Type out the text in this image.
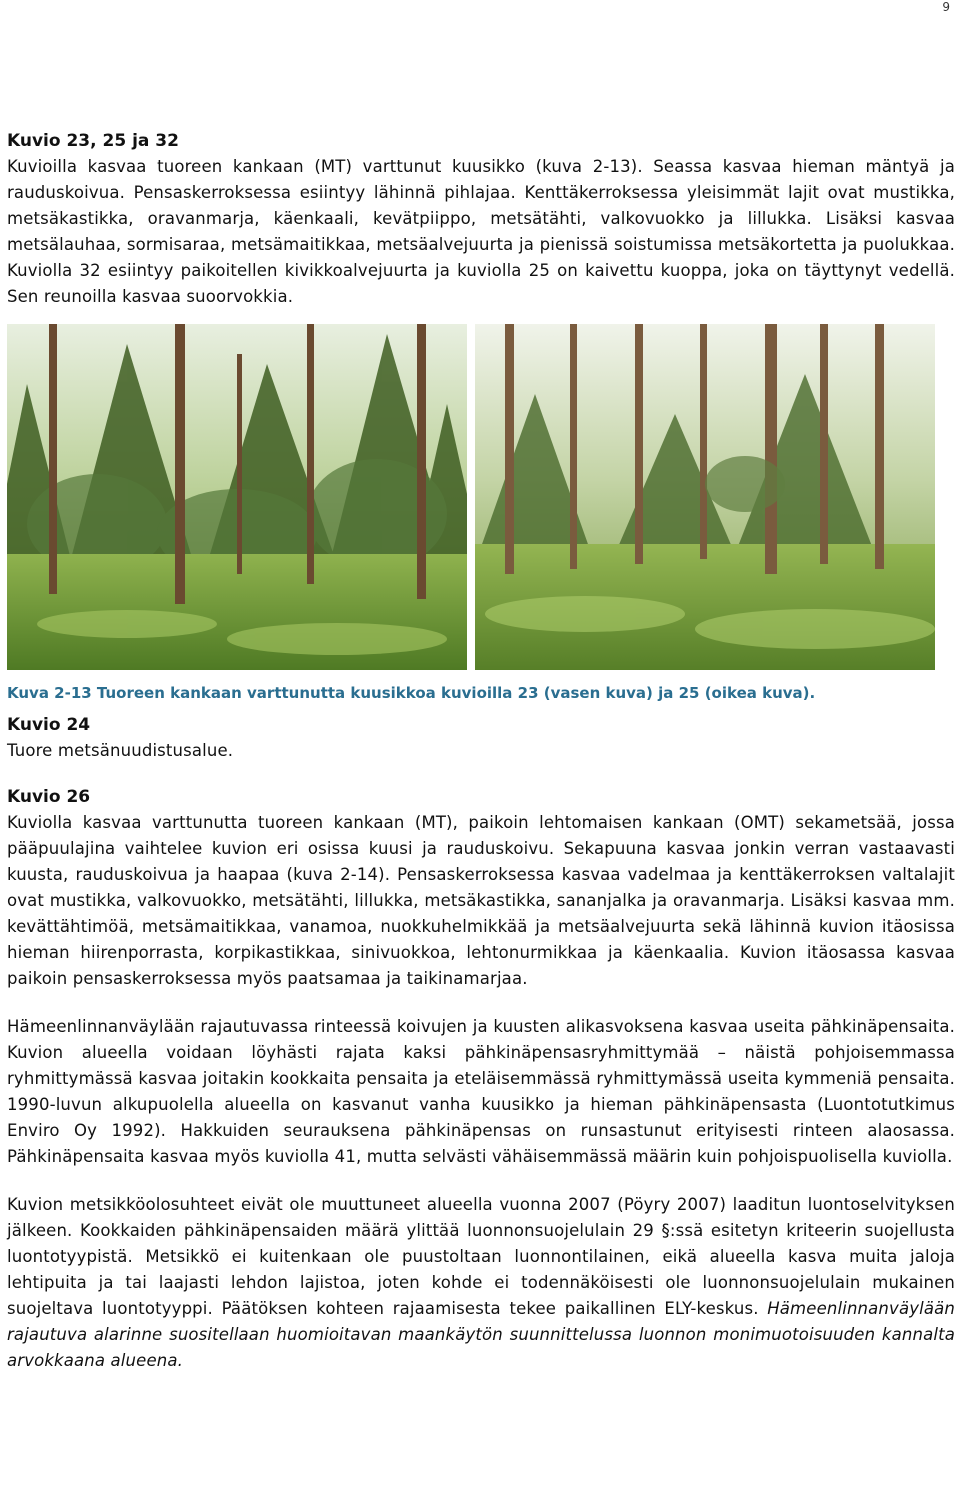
9
Kuvio 23, 25 ja 32

Kuvioilla kasvaa tuoreen kankaan (MT) varttunut kuusikko (kuva 2-13). Seassa kasvaa hieman mäntyä ja rauduskoivua. Pensaskerroksessa esiintyy lähinnä pihlajaa. Kenttäkerroksessa yleisimmät lajit ovat mustikka, metsäkastikka, oravanmarja, käenkaali, kevätpiippo, metsätähti, valkovuokko ja lillukka. Lisäksi kasvaa metsälauhaa, sormisaraa, metsämaitikkaa, metsäalvejuurta ja pienissä soistumissa metsäkortetta ja puolukkaa. Kuviolla 32 esiintyy paikoitellen kivikkoalvejuurta ja kuviolla 25 on kaivettu kuoppa, joka on täyttynyt vedellä. Sen reunoilla kasvaa suoorvokkia.

Kuva 2-13 Tuoreen kankaan varttunutta kuusikkoa kuvioilla 23 (vasen kuva) ja 25 (oikea kuva).
Kuvio 24

Tuore metsänuudistusalue.

Kuvio 26

Kuviolla kasvaa varttunutta tuoreen kankaan (MT), paikoin lehtomaisen kankaan (OMT) sekametsää, jossa pääpuulajina vaihtelee kuvion eri osissa kuusi ja rauduskoivu. Sekapuuna kasvaa jonkin verran vastaavasti kuusta, rauduskoivua ja haapaa (kuva 2-14). Pensaskerroksessa kasvaa vadelmaa ja kenttäkerroksen valtalajit ovat mustikka, valkovuokko, metsätähti, lillukka, metsäkastikka, sananjalka ja oravanmarja. Lisäksi kasvaa mm. kevättähtimöä, metsämaitikkaa, vanamoa, nuokkuhelmikkää ja metsäalvejuurta sekä lähinnä kuvion itäosissa hieman hiirenporrasta, korpikastikkaa, sinivuokkoa, lehtonurmikkaa ja käenkaalia. Kuvion itäosassa kasvaa paikoin pensaskerroksessa myös paatsamaa ja taikinamarjaa.

Hämeenlinnanväylään rajautuvassa rinteessä koivujen ja kuusten alikasvoksena kasvaa useita pähkinäpensaita. Kuvion alueella voidaan löyhästi rajata kaksi pähkinäpensasryhmittymää – näistä pohjoisemmassa ryhmittymässä kasvaa joitakin kookkaita pensaita ja eteläisemmässä ryhmittymässä useita kymmeniä pensaita. 1990-luvun alkupuolella alueella on kasvanut vanha kuusikko ja hieman pähkinäpensasta (Luontotutkimus Enviro Oy 1992). Hakkuiden seurauksena pähkinäpensas on runsastunut erityisesti rinteen alaosassa. Pähkinäpensaita kasvaa myös kuviolla 41, mutta selvästi vähäisemmässä määrin kuin pohjoispuolisella kuviolla.

Kuvion metsikköolosuhteet eivät ole muuttuneet alueella vuonna 2007 (Pöyry 2007) laaditun luontoselvityksen jälkeen. Kookkaiden pähkinäpensaiden määrä ylittää luonnonsuojelulain 29 §:ssä esitetyn kriteerin suojellusta luontotyypistä. Metsikkö ei kuitenkaan ole puustoltaan luonnontilainen, eikä alueella kasva muita jaloja lehtipuita ja tai laajasti lehdon lajistoa, joten kohde ei todennäköisesti ole luonnonsuojelulain mukainen suojeltava luontotyyppi. Päätöksen kohteen rajaamisesta tekee paikallinen ELY-keskus. Hämeenlinnanväylään rajautuva alarinne suositellaan huomioitavan maankäytön suunnittelussa luonnon monimuotoisuuden kannalta arvokkaana alueena.
